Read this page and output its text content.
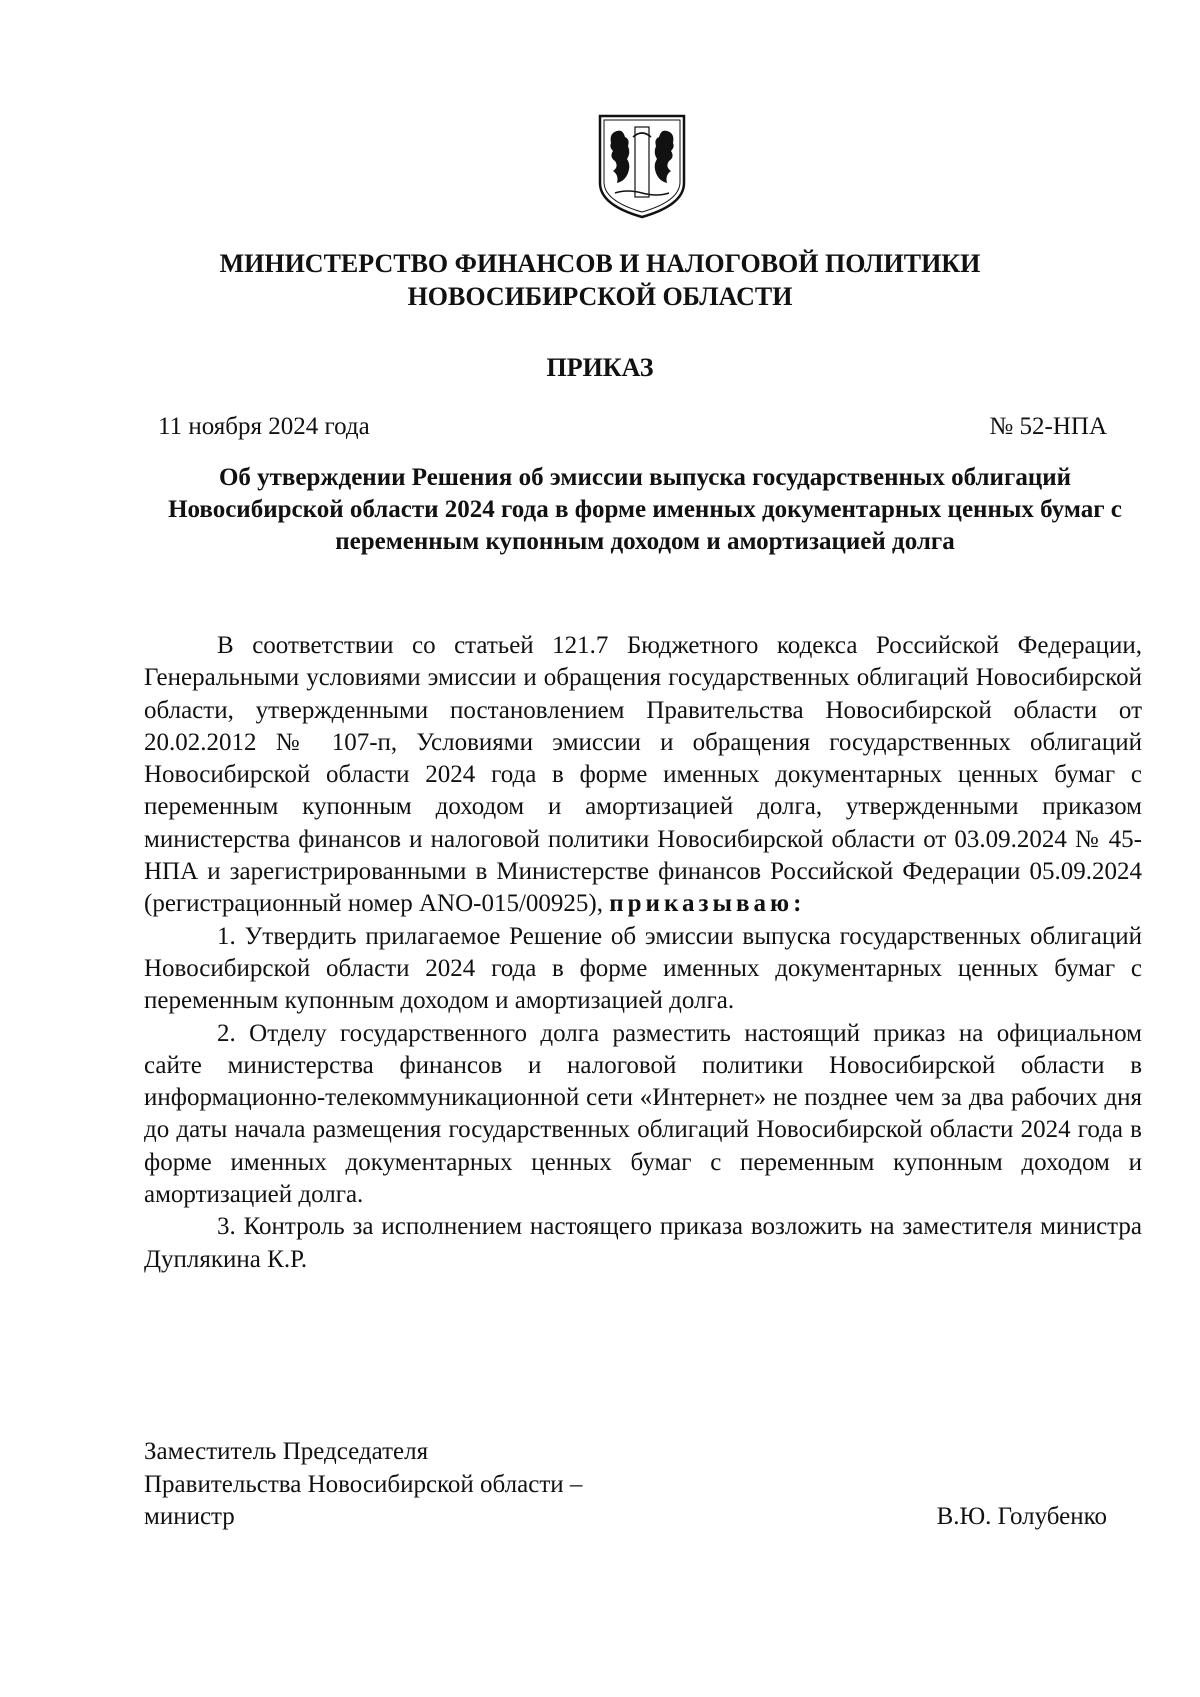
МИНИСТЕРСТВО ФИНАНСОВ И НАЛОГОВОЙ ПОЛИТИКИ
НОВОСИБИРСКОЙ ОБЛАСТИ
ПРИКАЗ
11 ноября 2024 года	№ 52-НПА
Об утверждении Решения об эмиссии выпуска государственных облигаций Новосибирской области 2024 года в форме именных документарных ценных бумаг с переменным купонным доходом и амортизацией долга

В соответствии со статьей 121.7 Бюджетного кодекса Российской Федерации, Генеральными условиями эмиссии и обращения государственных облигаций Новосибирской области, утвержденными постановлением Правительства Новосибирской области от 20.02.2012 № 107-п, Условиями эмиссии и обращения государственных облигаций Новосибирской области 2024 года в форме именных документарных ценных бумаг с переменным купонным доходом и амортизацией долга, утвержденными приказом министерства финансов и налоговой политики Новосибирской области от 03.09.2024 № 45-НПА и зарегистрированными в Министерстве финансов Российской Федерации 05.09.2024 (регистрационный номер ANO-015/00925), приказываю:

1. Утвердить прилагаемое Решение об эмиссии выпуска государственных облигаций Новосибирской области 2024 года в форме именных документарных ценных бумаг с переменным купонным доходом и амортизацией долга.

2. Отделу государственного долга разместить настоящий приказ на официальном сайте министерства финансов и налоговой политики Новосибирской области в информационно-телекоммуникационной сети «Интернет» не позднее чем за два рабочих дня до даты начала размещения государственных облигаций Новосибирской области 2024 года в форме именных документарных ценных бумаг с переменным купонным доходом и амортизацией долга.

3. Контроль за исполнением настоящего приказа возложить на заместителя министра Дуплякина К.Р.

Заместитель Председателя
Правительства Новосибирской области –
министр	В.Ю. Голубенко
